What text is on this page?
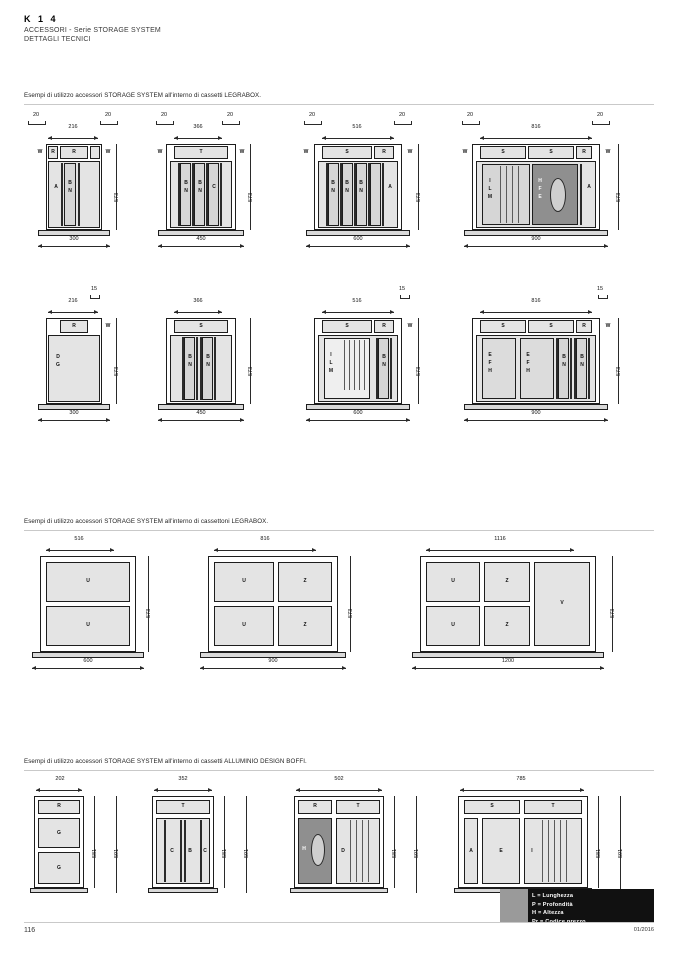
K 1 4
ACCESSORI - Serie STORAGE SYSTEM
DETTAGLI TECNICI
Esempi di utilizzo accessori STORAGE SYSTEM all'interno di cassetti LEGRABOX.
20	20
216
R	R
W	W
A
B
N
573
300
20	20
366
T
W	W
B
N
B
N
C
573
450
20	20
516
S	R
W	W
B
N
B
N
B
N
A
573
600
20	20
816
S	S	R
W	W
I
L
M
H
F
E
A
573
900
15
216
R	W
D
G
573
300
366
S
B
N
B
N
573
450
15
516
S	R	W
I
L
M
B
N
573
600
15
816
S	S	R	W
E
F
H
E
F
H
B
N
B
N
573
900
Esempi di utilizzo accessori STORAGE SYSTEM all'interno di cassettoni LEGRABOX.
516
U
U
573
600
816
U	Z
U	Z
573
900
1116
U	Z
U	Z
V
573
1200
Esempi di utilizzo accessori STORAGE SYSTEM all'interno di cassetti ALLUMINIO DESIGN BOFFI.
202
R
G
G
581	591
352
T
C	B	C	581	591
502
R	T
H	D	581	591
785
S	T
A	E	I	581	591
L = Lunghezza
P = Profondità
H = Altezza
116	01/2016
